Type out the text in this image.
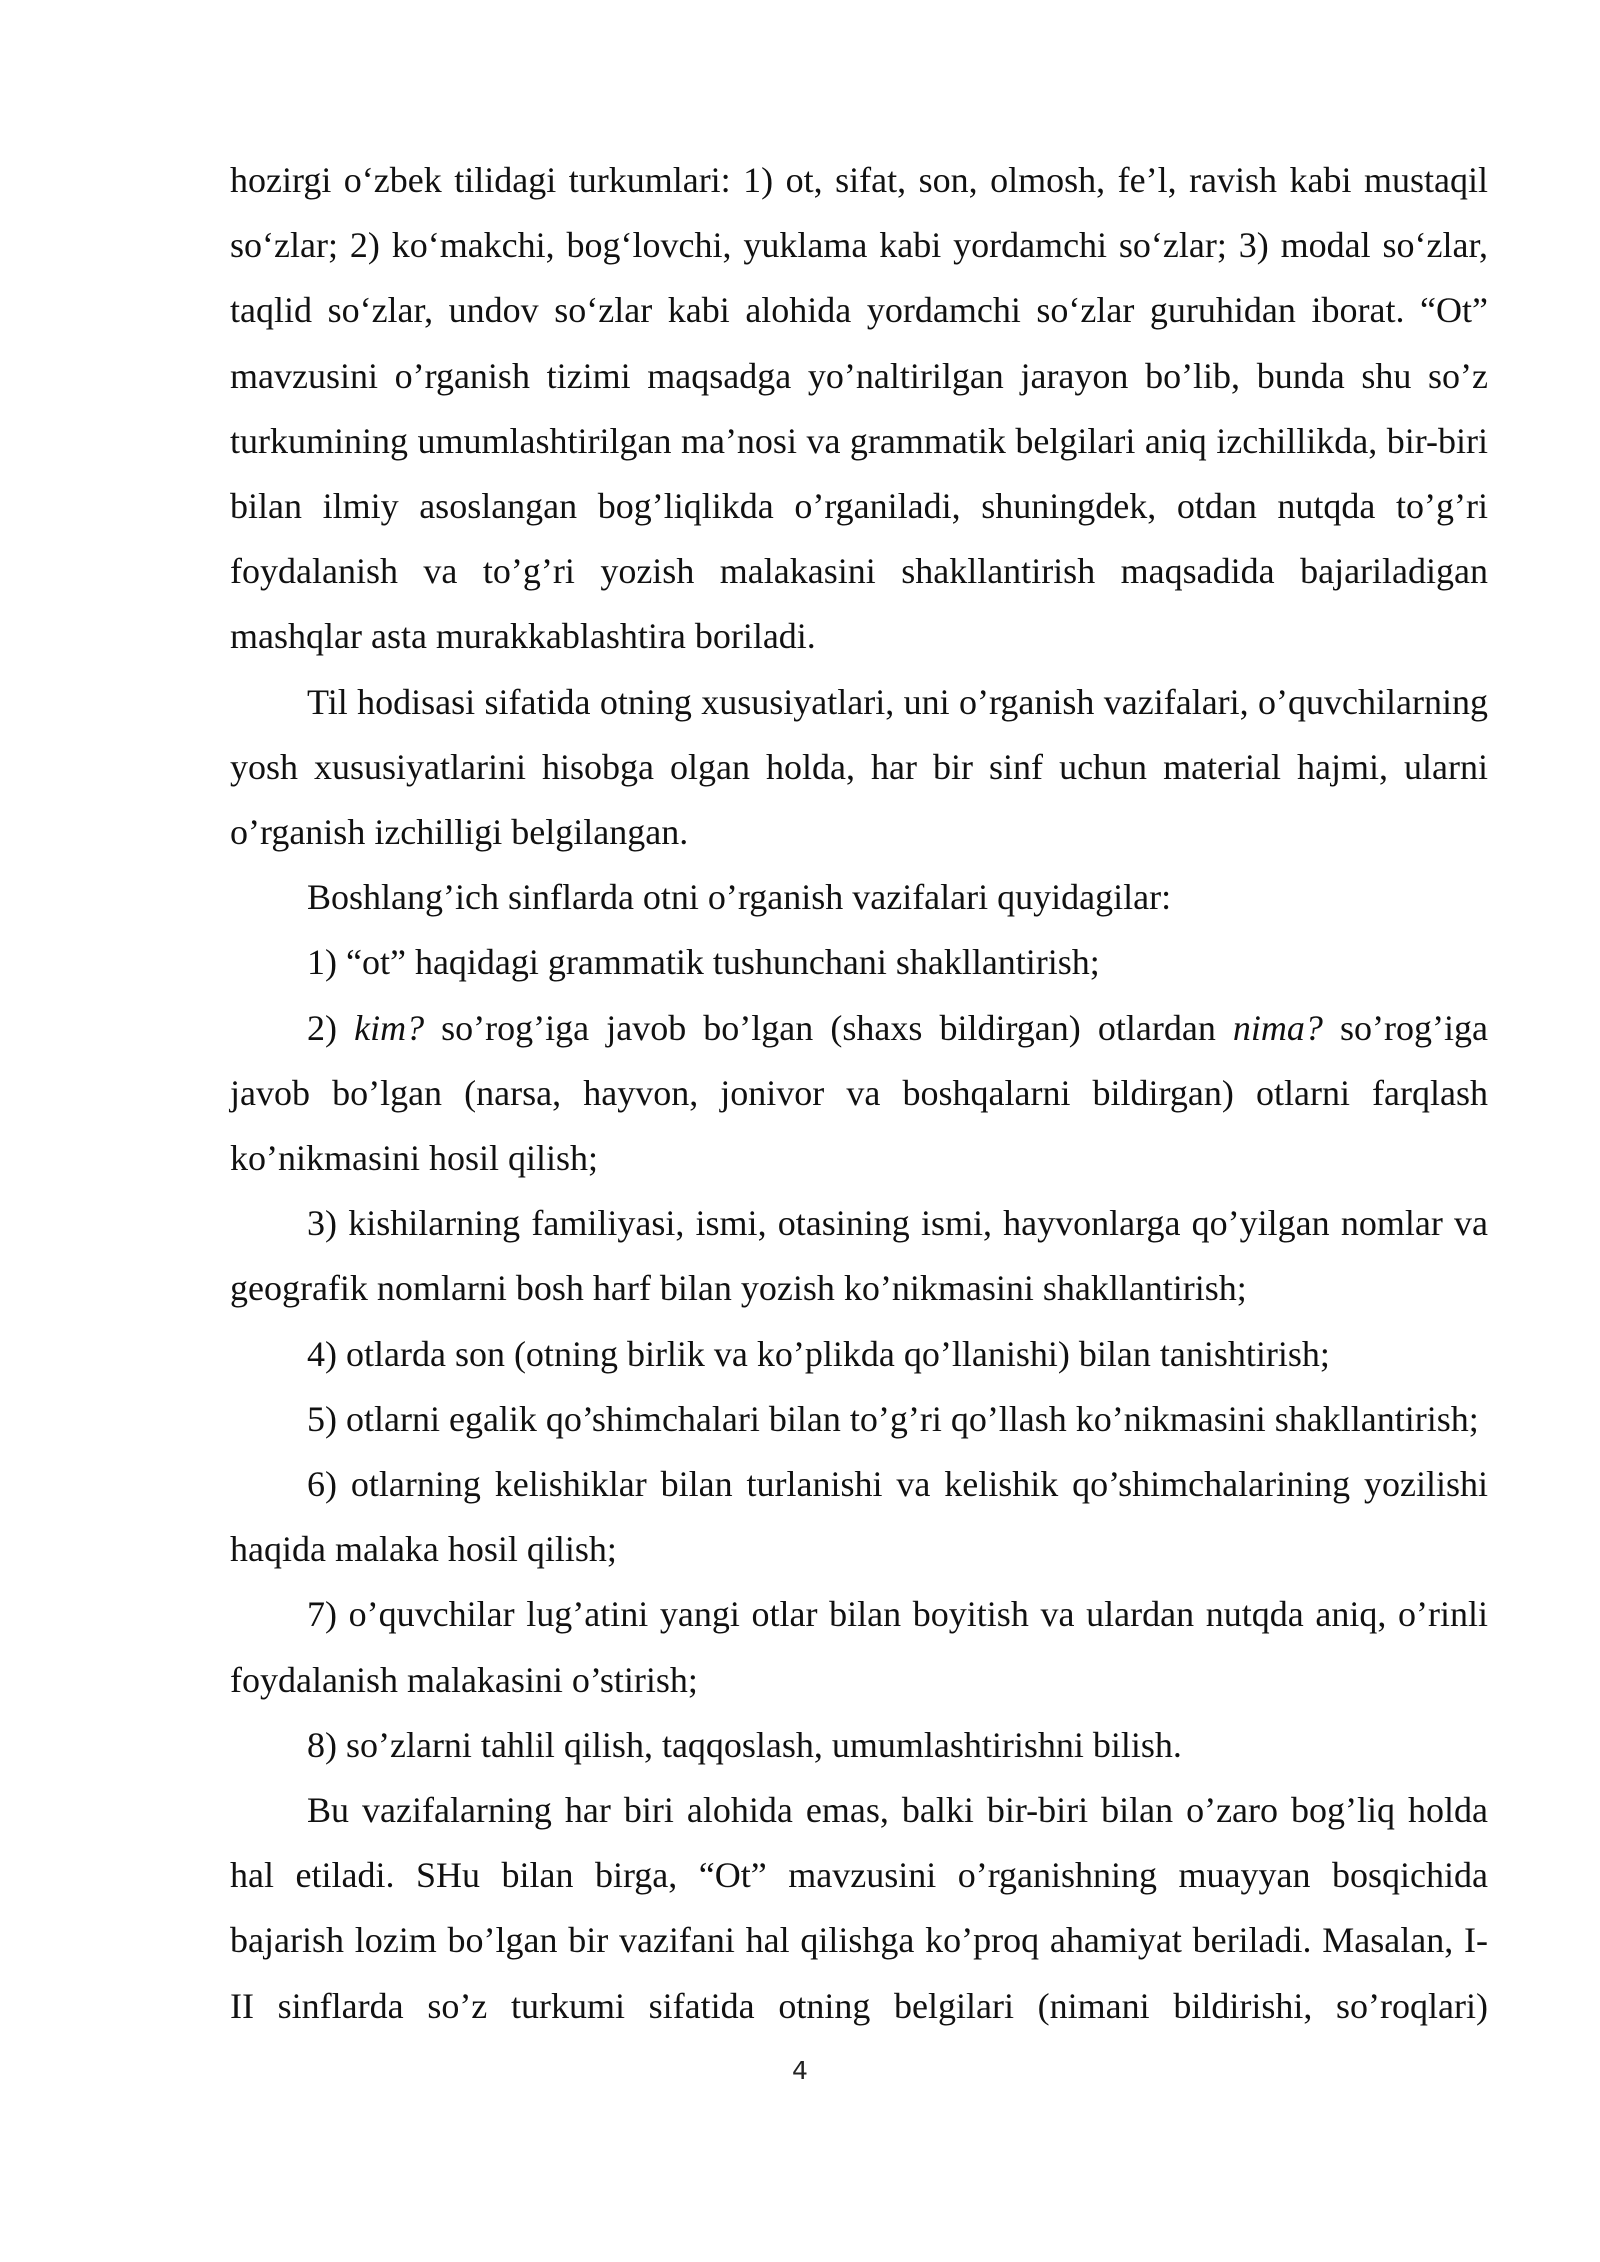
hozirgi o‘zbek tilidagi turkumlari: 1) ot, sifat, son, olmosh, fe’l, ravish kabi mustaqil so‘zlar; 2) ko‘makchi, bog‘lovchi, yuklama kabi yordamchi so‘zlar; 3) modal so‘zlar, taqlid so‘zlar, undov so‘zlar kabi alohida yordamchi so‘zlar guruhidan iborat. “Ot” mavzusini o’rganish tizimi maqsadga yo’naltirilgan jarayon bo’lib, bunda shu so’z turkumining umumlashtirilgan ma’nosi va grammatik belgilari aniq izchillikda, bir-biri bilan ilmiy asoslangan bog’liqlikda o’rganiladi, shuningdek, otdan nutqda to’g’ri foydalanish va to’g’ri yozish malakasini shakllantirish maqsadida bajariladigan mashqlar asta murakkablashtira boriladi.

Til hodisasi sifatida otning xususiyatlari, uni o’rganish vazifalari, o’quvchilarning yosh xususiyatlarini hisobga olgan holda, har bir sinf uchun material hajmi, ularni o’rganish izchilligi belgilangan.

Boshlang’ich sinflarda otni o’rganish vazifalari quyidagilar:

1) “ot” haqidagi grammatik tushunchani shakllantirish;

2) kim? so’rog’iga javob bo’lgan (shaxs bildirgan) otlardan nima? so’rog’iga javob bo’lgan (narsa, hayvon, jonivor va boshqalarni bildirgan) otlarni farqlash ko’nikmasini hosil qilish;

3) kishilarning familiyasi, ismi, otasining ismi, hayvonlarga qo’yilgan nomlar va geografik nomlarni bosh harf bilan yozish ko’nikmasini shakllantirish;

4) otlarda son (otning birlik va ko’plikda qo’llanishi) bilan tanishtirish;

5) otlarni egalik qo’shimchalari bilan to’g’ri qo’llash ko’nikmasini shakllantirish;

6) otlarning kelishiklar bilan turlanishi va kelishik qo’shimchalarining yozilishi haqida malaka hosil qilish;

7) o’quvchilar lug’atini yangi otlar bilan boyitish va ulardan nutqda aniq, o’rinli foydalanish malakasini o’stirish;

8) so’zlarni tahlil qilish, taqqoslash, umumlashtirishni bilish.

Bu vazifalarning har biri alohida emas, balki bir-biri bilan o’zaro bog’liq holda hal etiladi. SHu bilan birga, “Ot” mavzusini o’rganishning muayyan bosqichida bajarish lozim bo’lgan bir vazifani hal qilishga ko’proq ahamiyat beriladi. Masalan, I-II sinflarda so’z turkumi sifatida otning belgilari (nimani bildirishi, so’roqlari)

4
